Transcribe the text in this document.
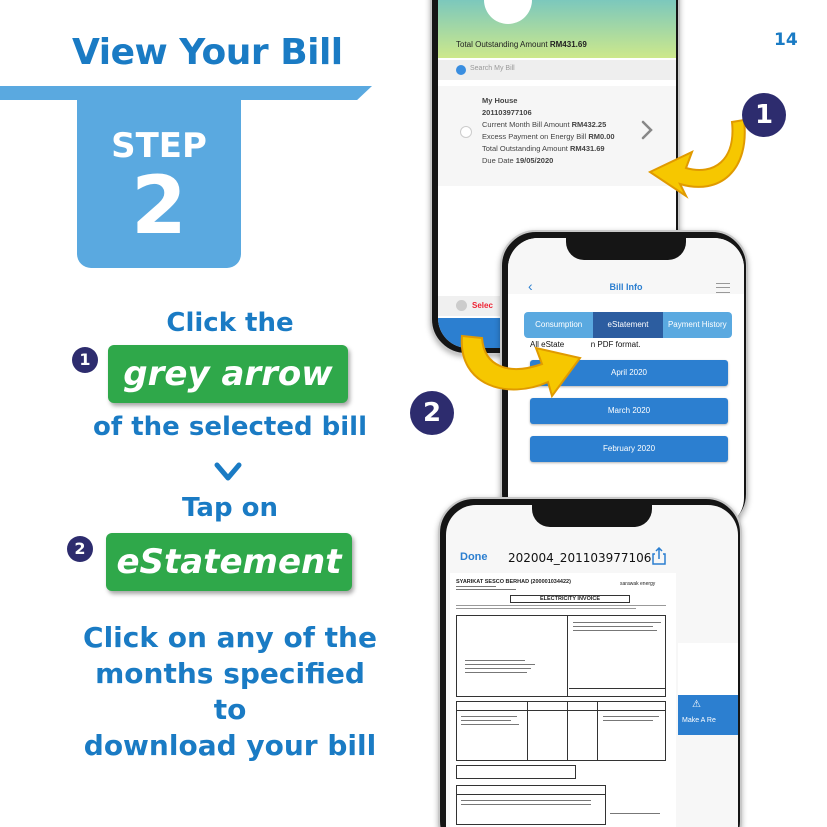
14
View Your Bill
STEP
2
Click the
1 grey arrow
of the selected bill
Tap on
2 eStatement
Click on any of the
months specified to
download your bill
Total Outstanding Amount RM431.69
Search My Bill
My House
201103977106
Current Month Bill Amount RM432.25
Excess Payment on Energy Bill RM0.00
Total Outstanding Amount RM431.69
Due Date 19/05/2020
Selec
‹	Bill Info
Consumption	eStatement	Payment History
All eState	n PDF format.
April 2020
March 2020
February 2020
Done 202004_201103977106
⚠
Make A Re
SYARIKAT SESCO BERHAD (200001034422)	sarawak energy
ELECTRICITY INVOICE
1
2
